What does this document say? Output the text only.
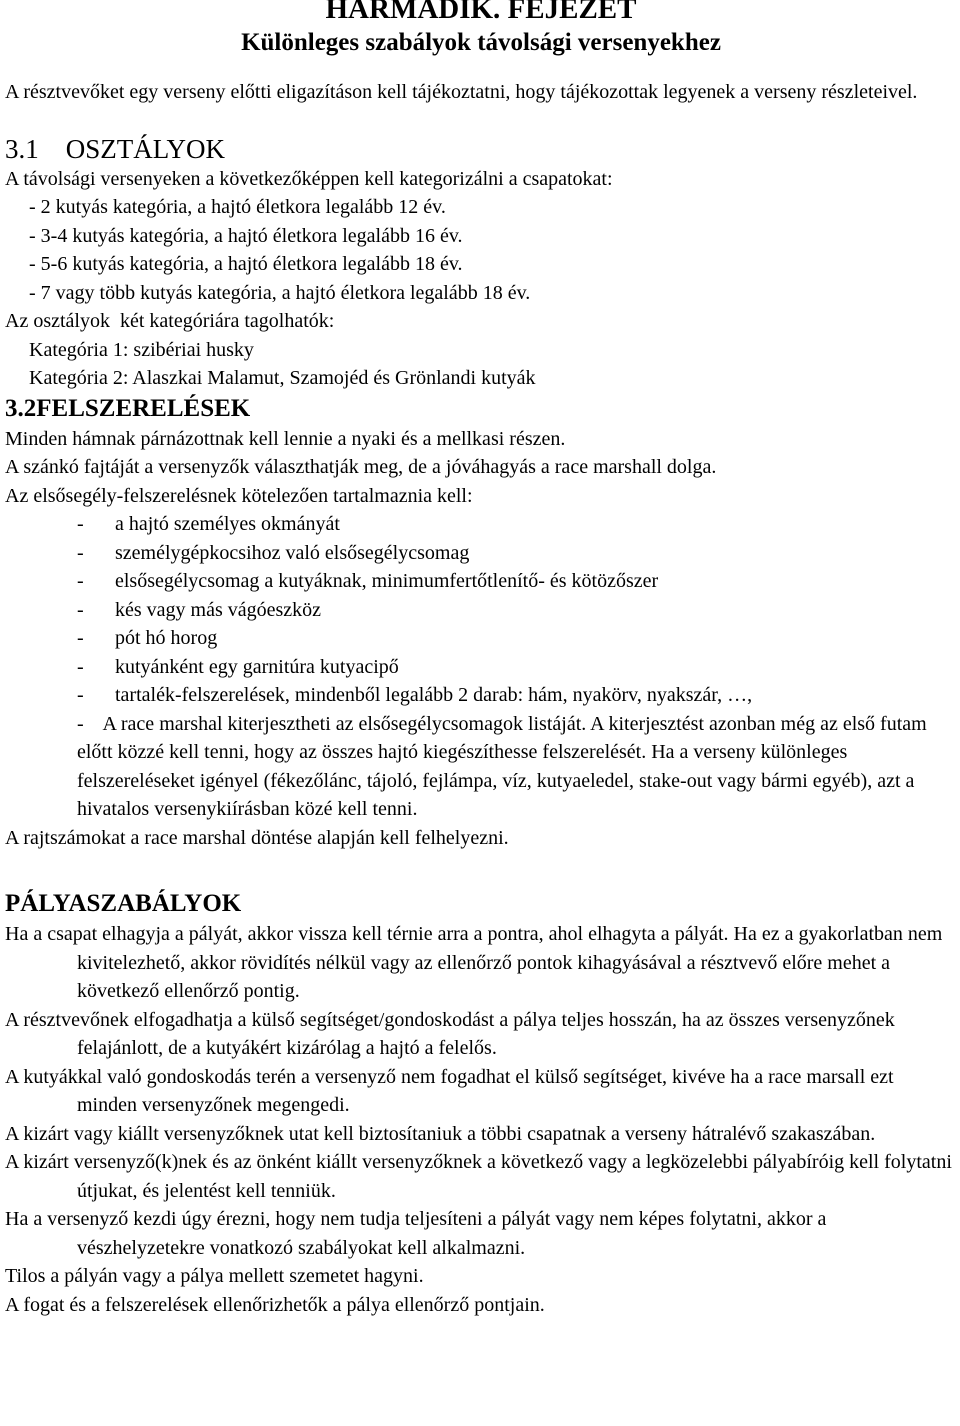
HARMADIK. FEJEZET
Különleges szabályok távolsági versenyekhez
A résztvevőket egy verseny előtti eligazításon kell tájékoztatni, hogy tájékozottak legyenek a verseny részleteivel.
3.1    OSZTÁLYOK
A távolsági versenyeken a következőképpen kell kategorizálni a csapatokat:
- 2 kutyás kategória, a hajtó életkora legalább 12 év.
- 3-4 kutyás kategória, a hajtó életkora legalább 16 év.
- 5-6 kutyás kategória, a hajtó életkora legalább 18 év.
- 7 vagy több kutyás kategória, a hajtó életkora legalább 18 év.
Az osztályok  két kategóriára tagolhatók:
Kategória 1: szibériai husky
Kategória 2: Alaszkai Malamut, Szamojéd és Grönlandi kutyák
3.2FELSZERELÉSEK
Minden hámnak párnázottnak kell lennie a nyaki és a mellkasi részen.
A szánkó fajtáját a versenyzők választhatják meg, de a jóváhagyás a race marshall dolga.
Az elsősegély-felszerelésnek kötelezően tartalmaznia kell:
-	a hajtó személyes okmányát
-	személygépkocsihoz való elsősegélycsomag
-	elsősegélycsomag a kutyáknak, minimumfertőtlenítő- és kötözőszer
-	kés vagy más vágóeszköz
-	pót hó horog
-	kutyánként egy garnitúra kutyacipő
-	tartalék-felszerelések, mindenből legalább 2 darab: hám, nyakörv, nyakszár, …,
-    A race marshal kiterjesztheti az elsősegélycsomagok listáját. A kiterjesztést azonban még az első futam előtt közzé kell tenni, hogy az összes hajtó kiegészíthesse felszerelését. Ha a verseny különleges felszereléseket igényel (fékezőlánc, tájoló, fejlámpa, víz, kutyaeledel, stake-out vagy bármi egyéb), azt a hivatalos versenykiírásban közé kell tenni.
A rajtszámokat a race marshal döntése alapján kell felhelyezni.
PÁLYASZABÁLYOK
Ha a csapat elhagyja a pályát, akkor vissza kell térnie arra a pontra, ahol elhagyta a pályát. Ha ez a gyakorlatban nem kivitelezhető, akkor rövidítés nélkül vagy az ellenőrző pontok kihagyásával a résztvevő előre mehet a következő ellenőrző pontig.
A résztvevőnek elfogadhatja a külső segítséget/gondoskodást a pálya teljes hosszán, ha az összes versenyzőnek felajánlott, de a kutyákért kizárólag a hajtó a felelős.
A kutyákkal való gondoskodás terén a versenyző nem fogadhat el külső segítséget, kivéve ha a race marsall ezt minden versenyzőnek megengedi.
A kizárt vagy kiállt versenyzőknek utat kell biztosítaniuk a többi csapatnak a verseny hátralévő szakaszában.
A kizárt versenyző(k)nek és az önként kiállt versenyzőknek a következő vagy a legközelebbi pályabíróig kell folytatni útjukat, és jelentést kell tenniük.
Ha a versenyző kezdi úgy érezni, hogy nem tudja teljesíteni a pályát vagy nem képes folytatni, akkor a vészhelyzetekre vonatkozó szabályokat kell alkalmazni.
Tilos a pályán vagy a pálya mellett szemetet hagyni.
A fogat és a felszerelések ellenőrizhetők a pálya ellenőrző pontjain.
